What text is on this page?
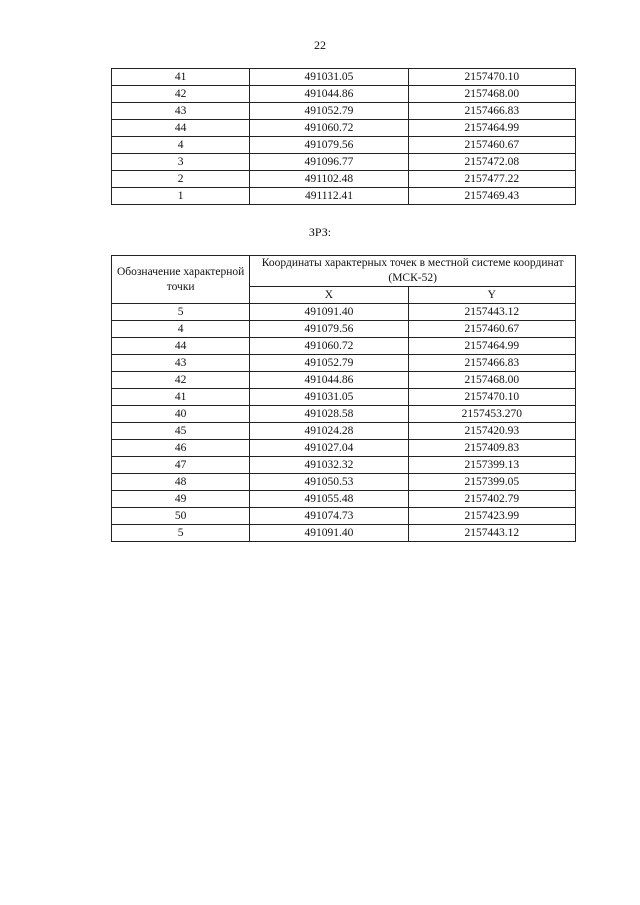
22
41	491031.05	2157470.10
42	491044.86	2157468.00
43	491052.79	2157466.83
44	491060.72	2157464.99
4	491079.56	2157460.67
3	491096.77	2157472.08
2	491102.48	2157477.22
1	491112.41	2157469.43
ЗРЗ:
Обозначение характерной точки	Координаты характерных точек в местной системе координат (МСК-52)	
	X	Y
5	491091.40	2157443.12
4	491079.56	2157460.67
44	491060.72	2157464.99
43	491052.79	2157466.83
42	491044.86	2157468.00
41	491031.05	2157470.10
40	491028.58	2157453.270
45	491024.28	2157420.93
46	491027.04	2157409.83
47	491032.32	2157399.13
48	491050.53	2157399.05
49	491055.48	2157402.79
50	491074.73	2157423.99
5	491091.40	2157443.12
